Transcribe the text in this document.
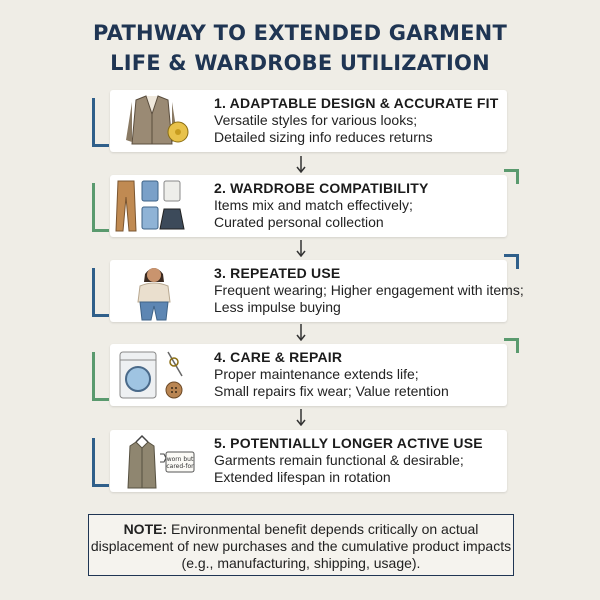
PATHWAY TO EXTENDED GARMENT
LIFE & WARDROBE UTILIZATION
1. ADAPTABLE DESIGN & ACCURATE FIT
Versatile styles for various looks;
Detailed sizing info reduces returns
2. WARDROBE COMPATIBILITY
Items mix and match effectively;
Curated personal collection
3. REPEATED USE
Frequent wearing; Higher engagement with items;
Less impulse buying
4. CARE & REPAIR
Proper maintenance extends life;
Small repairs fix wear; Value retention
worn but
cared-for
5. POTENTIALLY LONGER ACTIVE USE
Garments remain functional & desirable;
Extended lifespan in rotation
NOTE: Environmental benefit depends critically on actual
displacement of new purchases and the cumulative product impacts
(e.g., manufacturing, shipping, usage).
